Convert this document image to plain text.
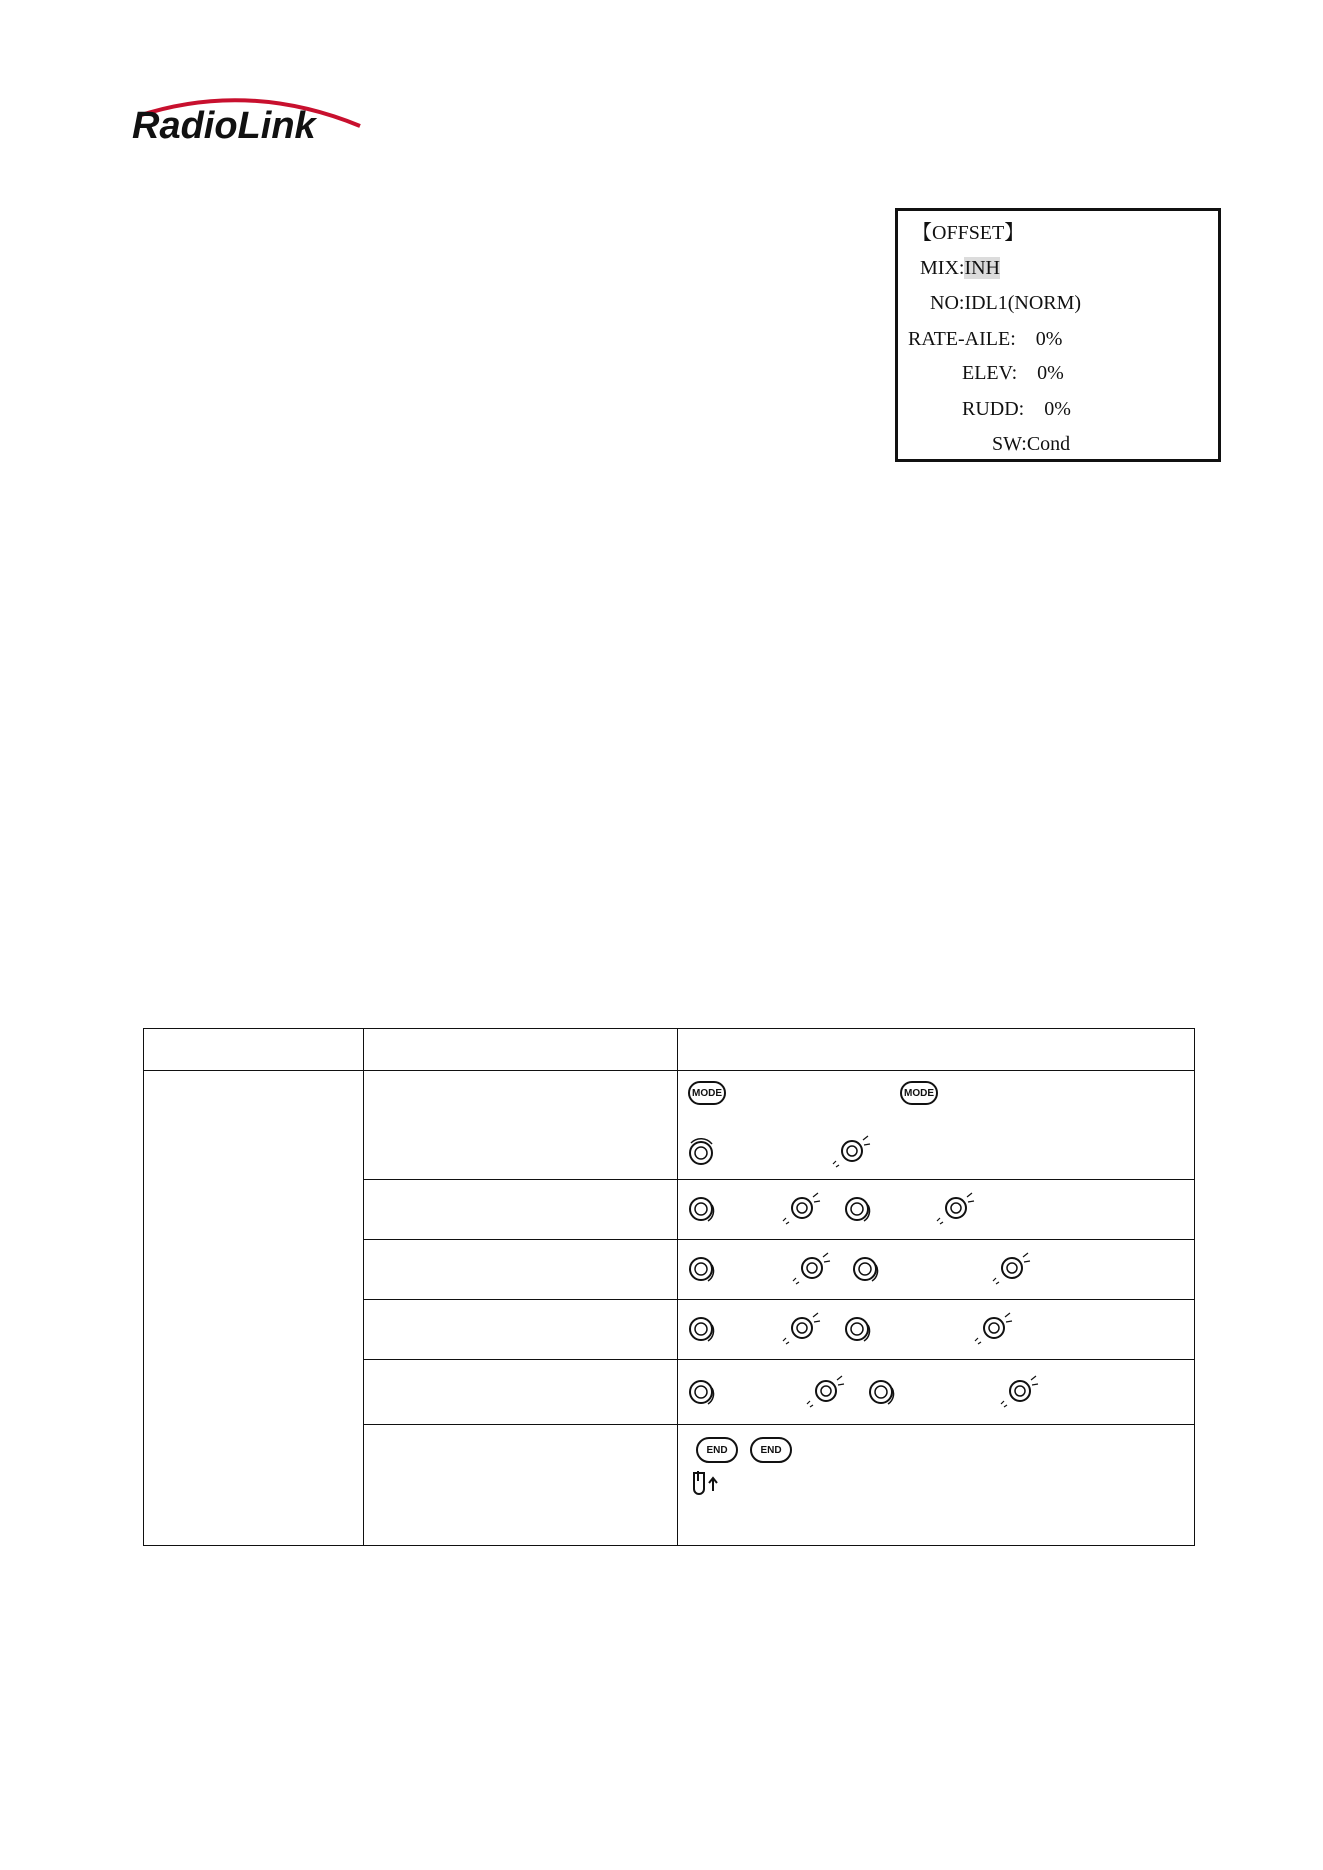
RadioLink
【OFFSET】
MIX:INH
NO:IDL1(NORM)
RATE-AILE:    0%
ELEV:    0%
RUDD:    0%
SW:Cond

MODE MODE

END END
